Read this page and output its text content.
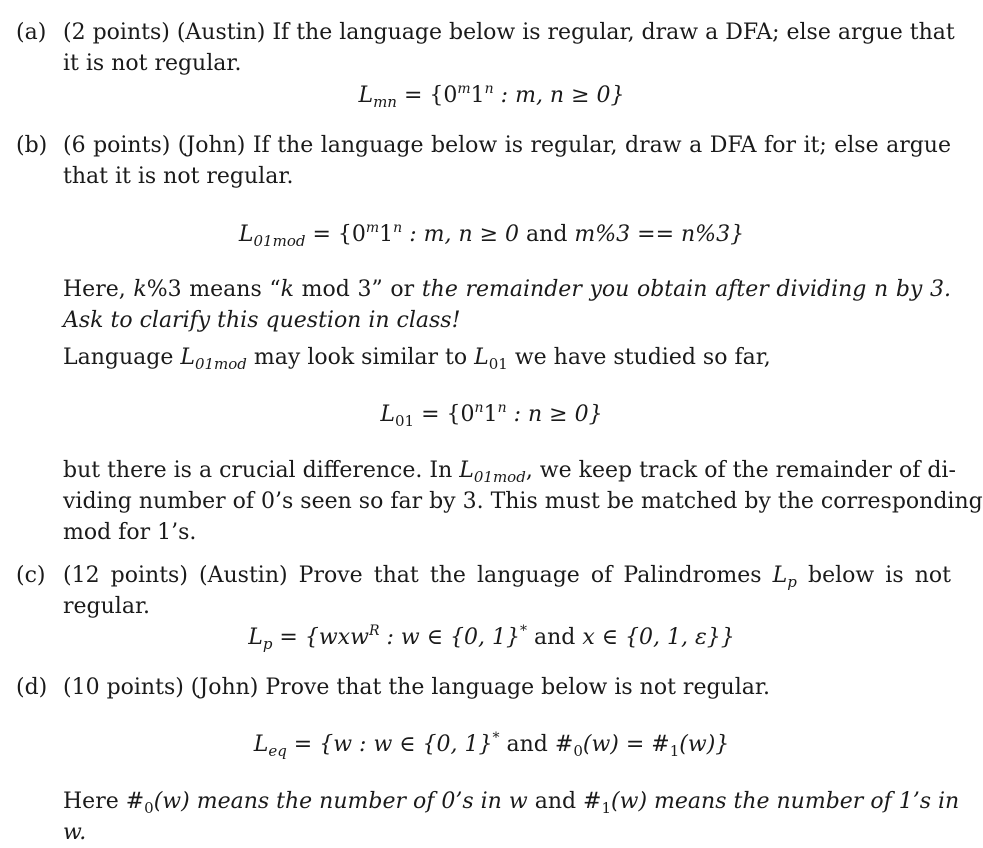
(a) (2 points) (Austin) If the language below is regular, draw a DFA; else argue that
it is not regular.
$L_{mn} = \{0^m1^n$ : m, n ≥ 0}
(b) (6 points) (John) If the language below is regular, draw a DFA for it; else argue
that it is not regular.
$L_{01mod} = \{0^m1^n$ : m, n ≥ 0 and m%3 == n%3}
Here, k%3 means “k mod 3” or the remainder you obtain after dividing n by 3.
Ask to clarify this question in class!
Language $L_{01mod}$ may look similar to $L_{01}$ we have studied so far,
$L_{01} = \{0^n1^n$ : n ≥ 0}
but there is a crucial difference. In $L_{01mod}$, we keep track of the remainder of di-
viding number of 0’s seen so far by 3. This must be matched by the corresponding
mod for 1’s.
(c) (12 points) (Austin) Prove that the language of Palindromes $L_p$ below is not
regular.
$L_p = \{wxw^R$ : w ∈ {0, 1}* and x ∈ {0, 1, ε}}
(d) (10 points) (John) Prove that the language below is not regular.
$L_{eq} = \{w$ : w ∈ {0, 1}* and $\#_0(w)$ = $\#_1(w)$}
Here $\#_0(w)$ means the number of 0’s in w and $\#_1(w)$ means the number of 1’s in
w.
